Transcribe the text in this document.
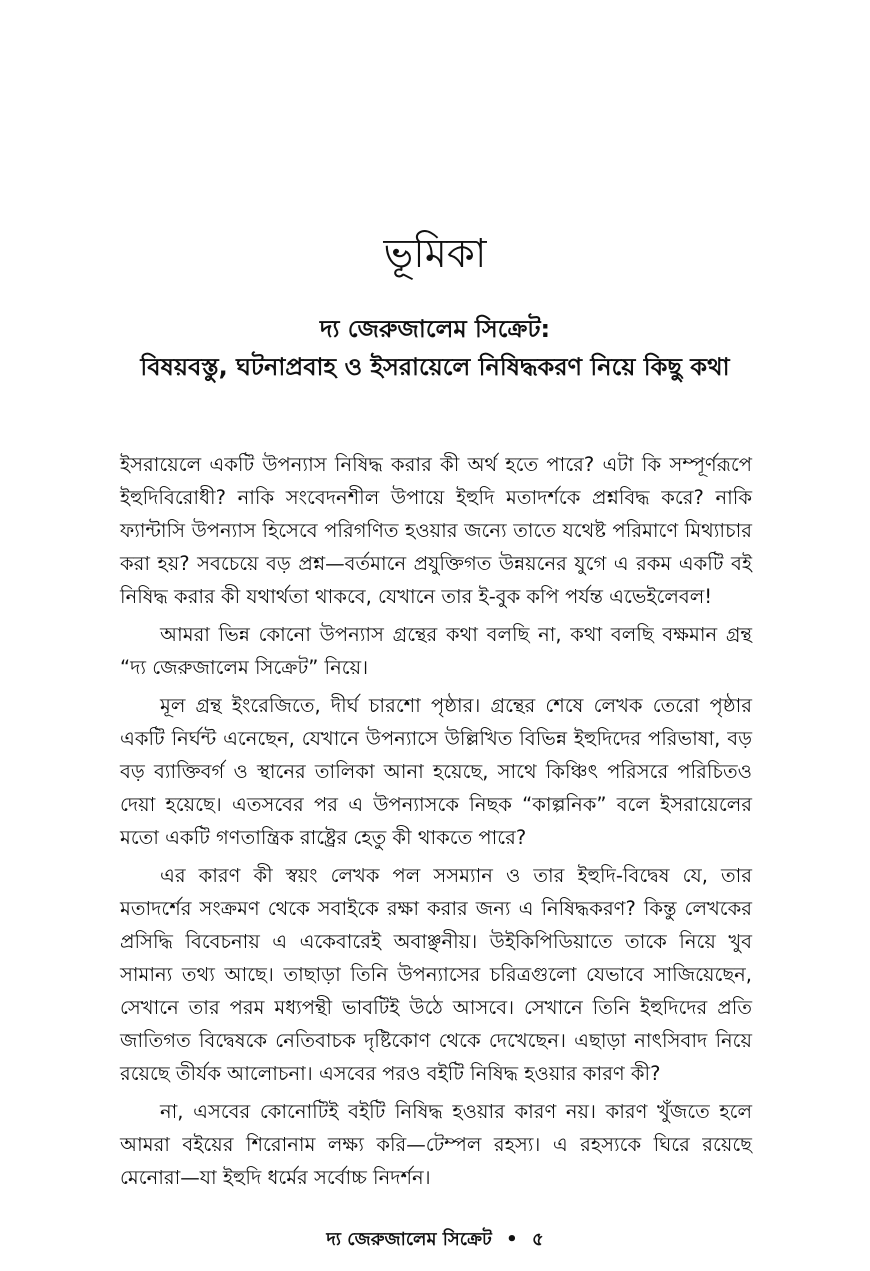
ভূমিকা
দ্য জেরুজালেম সিক্রেট:
বিষয়বস্তু, ঘটনাপ্রবাহ ও ইসরায়েলে নিষিদ্ধকরণ নিয়ে কিছু কথা

ইসরায়েলে একটি উপন্যাস নিষিদ্ধ করার কী অর্থ হতে পারে? এটা কি সম্পূর্ণরূপে ইহুদিবিরোধী? নাকি সংবেদনশীল উপায়ে ইহুদি মতাদর্শকে প্রশ্নবিদ্ধ করে? নাকি ফ্যান্টাসি উপন্যাস হিসেবে পরিগণিত হওয়ার জন্যে তাতে যথেষ্ট পরিমাণে মিথ্যাচার করা হয়? সবচেয়ে বড় প্রশ্ন—বর্তমানে প্রযুক্তিগত উন্নয়নের যুগে এ রকম একটি বই নিষিদ্ধ করার কী যথার্থতা থাকবে, যেখানে তার ই-বুক কপি পর্যন্ত এভেইলেবল!

আমরা ভিন্ন কোনো উপন্যাস গ্রন্থের কথা বলছি না, কথা বলছি বক্ষমান গ্রন্থ “দ্য জেরুজালেম সিক্রেট” নিয়ে।

মূল গ্রন্থ ইংরেজিতে, দীর্ঘ চারশো পৃষ্ঠার। গ্রন্থের শেষে লেখক তেরো পৃষ্ঠার একটি নির্ঘন্ট এনেছেন, যেখানে উপন্যাসে উল্লিখিত বিভিন্ন ইহুদিদের পরিভাষা, বড় বড় ব্যাক্তিবর্গ ও স্থানের তালিকা আনা হয়েছে, সাথে কিঞ্চিৎ পরিসরে পরিচিতও দেয়া হয়েছে। এতসবের পর এ উপন্যাসকে নিছক “কাল্পনিক” বলে ইসরায়েলের মতো একটি গণতান্ত্রিক রাষ্ট্রের হেতু কী থাকতে পারে?

এর কারণ কী স্বয়ং লেখক পল সসম্যান ও তার ইহুদি-বিদ্বেষ যে, তার মতাদর্শের সংক্রমণ থেকে সবাইকে রক্ষা করার জন্য এ নিষিদ্ধকরণ? কিন্তু লেখকের প্রসিদ্ধি বিবেচনায় এ একেবারেই অবাঞ্ছনীয়। উইকিপিডিয়াতে তাকে নিয়ে খুব সামান্য তথ্য আছে। তাছাড়া তিনি উপন্যাসের চরিত্রগুলো যেভাবে সাজিয়েছেন, সেখানে তার পরম মধ্যপন্থী ভাবটিই উঠে আসবে। সেখানে তিনি ইহুদিদের প্রতি জাতিগত বিদ্বেষকে নেতিবাচক দৃষ্টিকোণ থেকে দেখেছেন। এছাড়া নাৎসিবাদ নিয়ে রয়েছে তীর্যক আলোচনা। এসবের পরও বইটি নিষিদ্ধ হওয়ার কারণ কী?

না, এসবের কোনোটিই বইটি নিষিদ্ধ হওয়ার কারণ নয়। কারণ খুঁজতে হলে আমরা বইয়ের শিরোনাম লক্ষ্য করি—টেম্পল রহস্য। এ রহস্যকে ঘিরে রয়েছে মেনোরা—যা ইহুদি ধর্মের সর্বোচ্চ নিদর্শন।

দ্য জেরুজালেম সিক্রেট • ৫
